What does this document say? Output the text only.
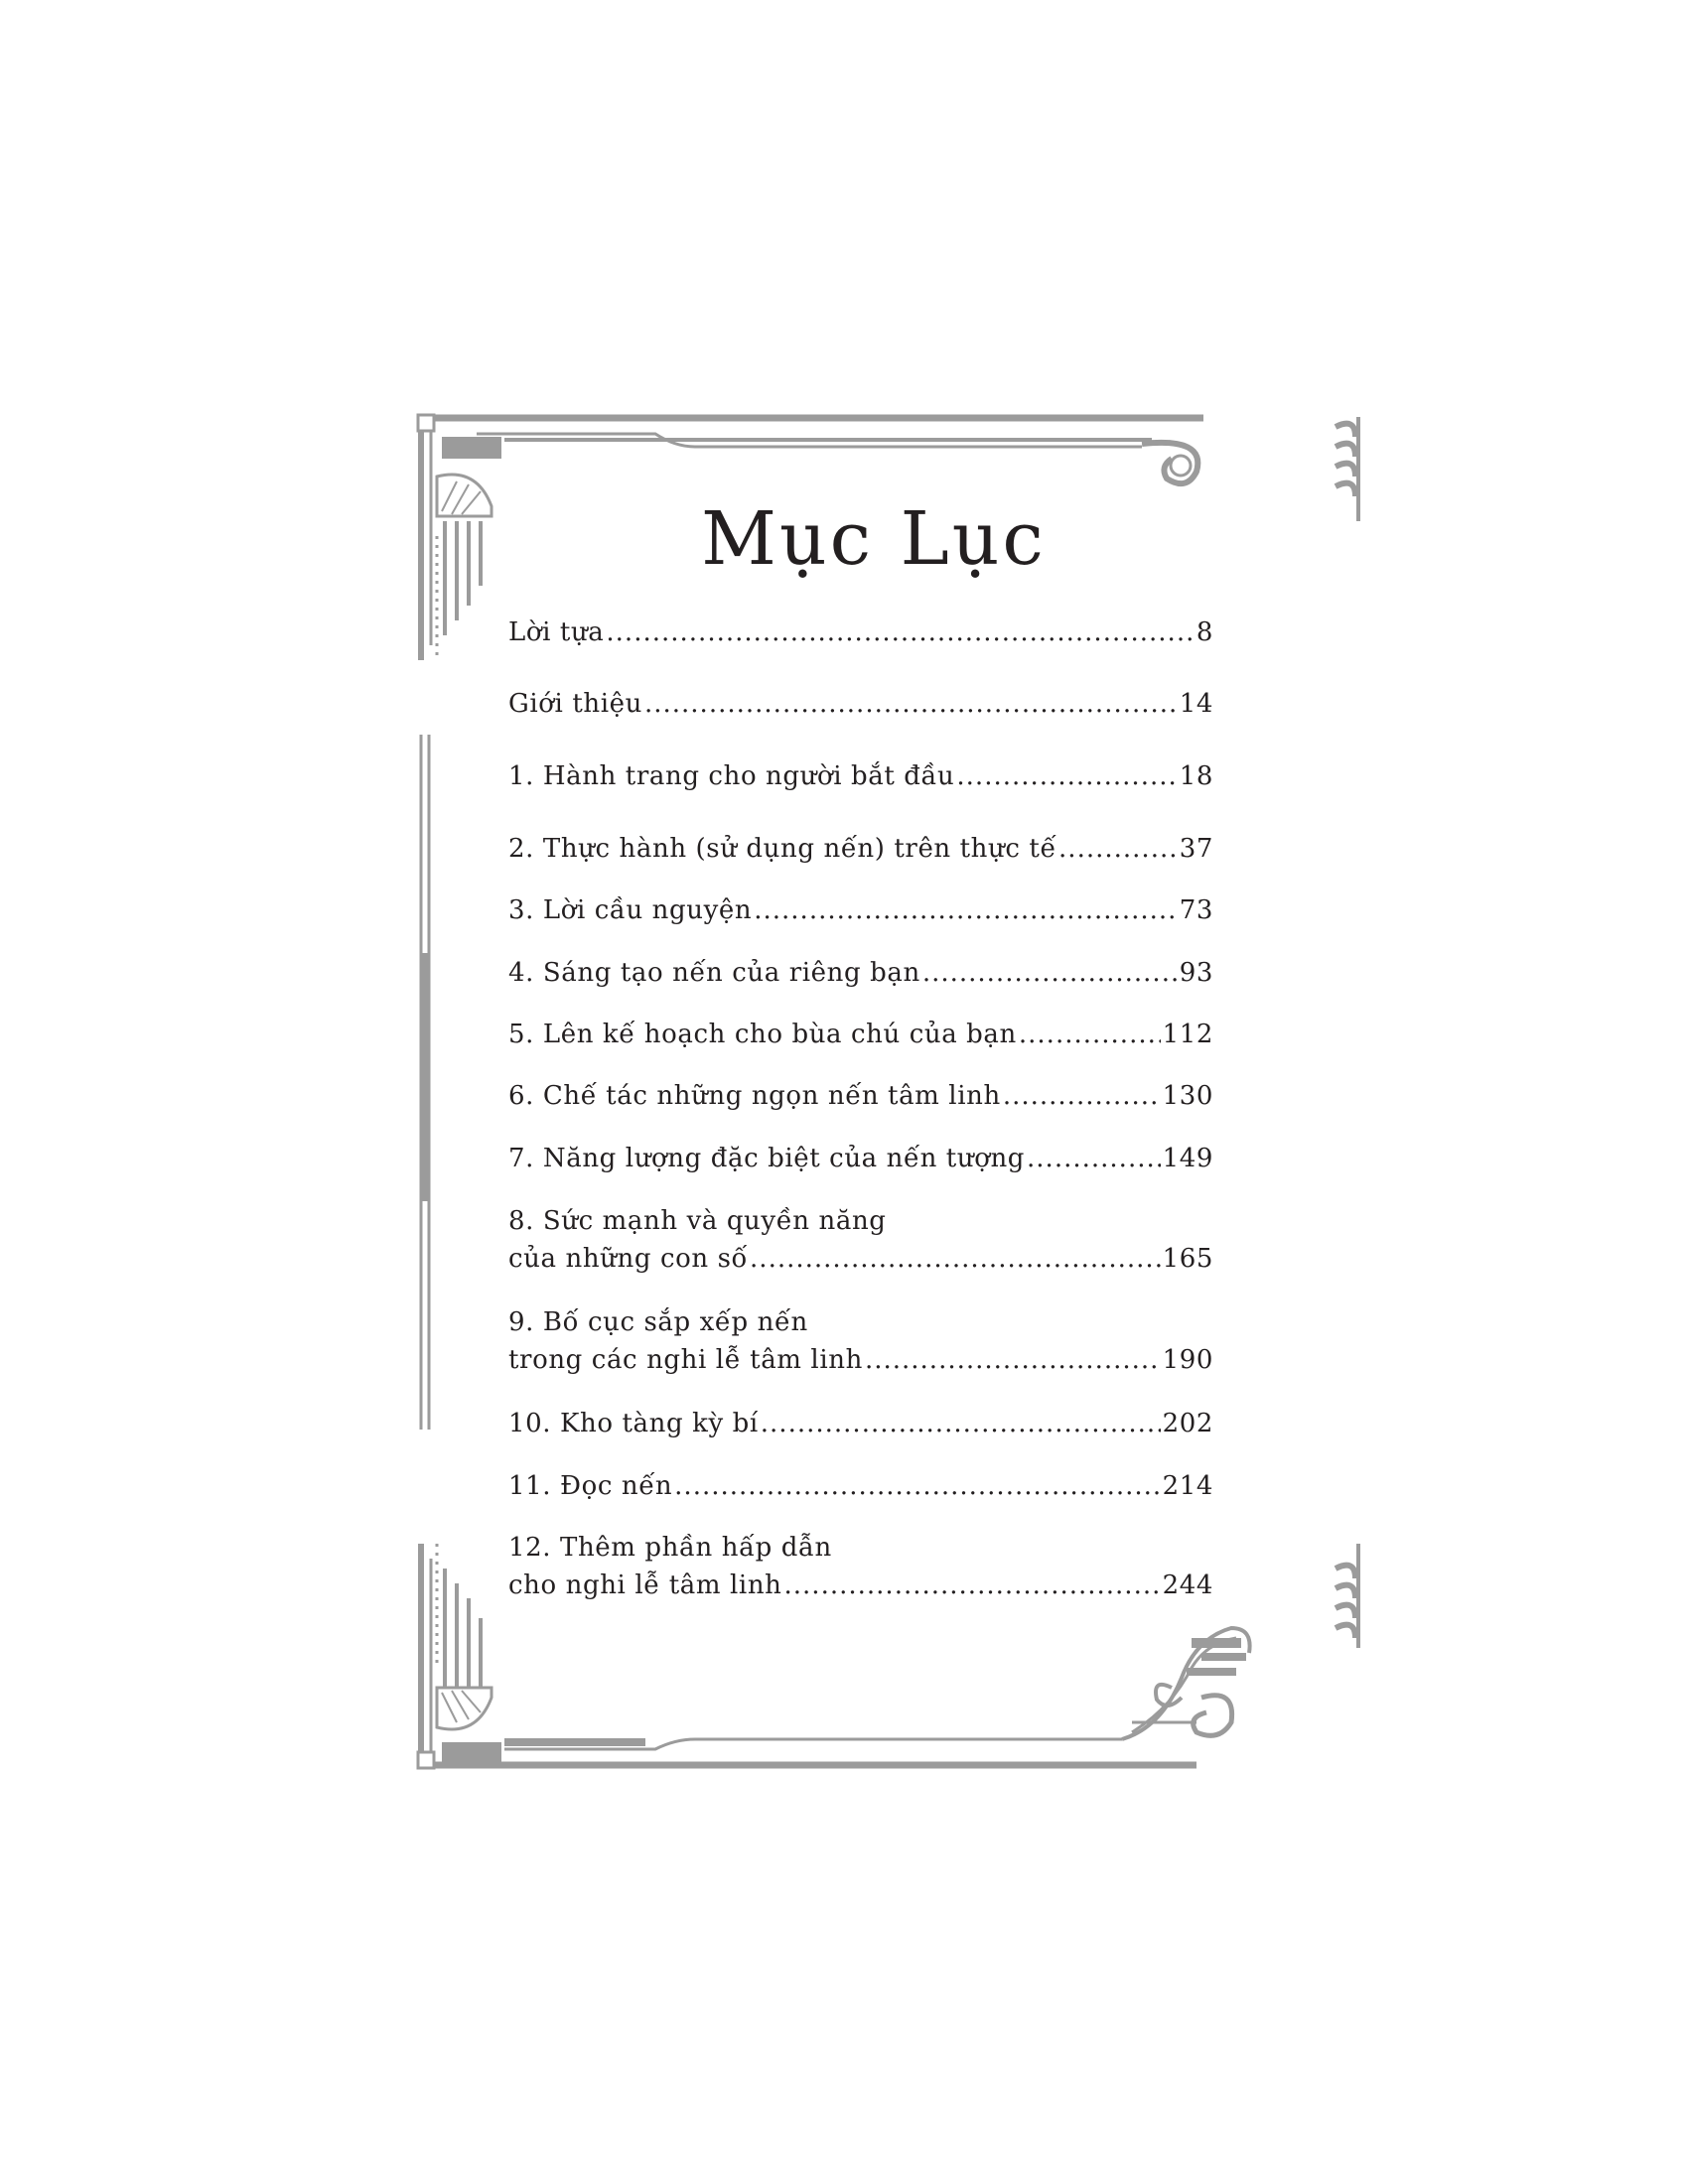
Mục Lục
Lời tựa .....	8
Giới thiệu .....	14
1. Hành trang cho người bắt đầu .....	18
2. Thực hành (sử dụng nến) trên thực tế .....	37
3. Lời cầu nguyện .....	73
4. Sáng tạo nến của riêng bạn .....	93
5. Lên kế hoạch cho bùa chú của bạn .....	112
6. Chế tác những ngọn nến tâm linh .....	130
7. Năng lượng đặc biệt của nến tượng .....	149
8. Sức mạnh và quyền năng
của những con số .....	165
9. Bố cục sắp xếp nến
trong các nghi lễ tâm linh .....	190
10. Kho tàng kỳ bí .....	202
11. Đọc nến .....	214
12. Thêm phần hấp dẫn
cho nghi lễ tâm linh .....	244
